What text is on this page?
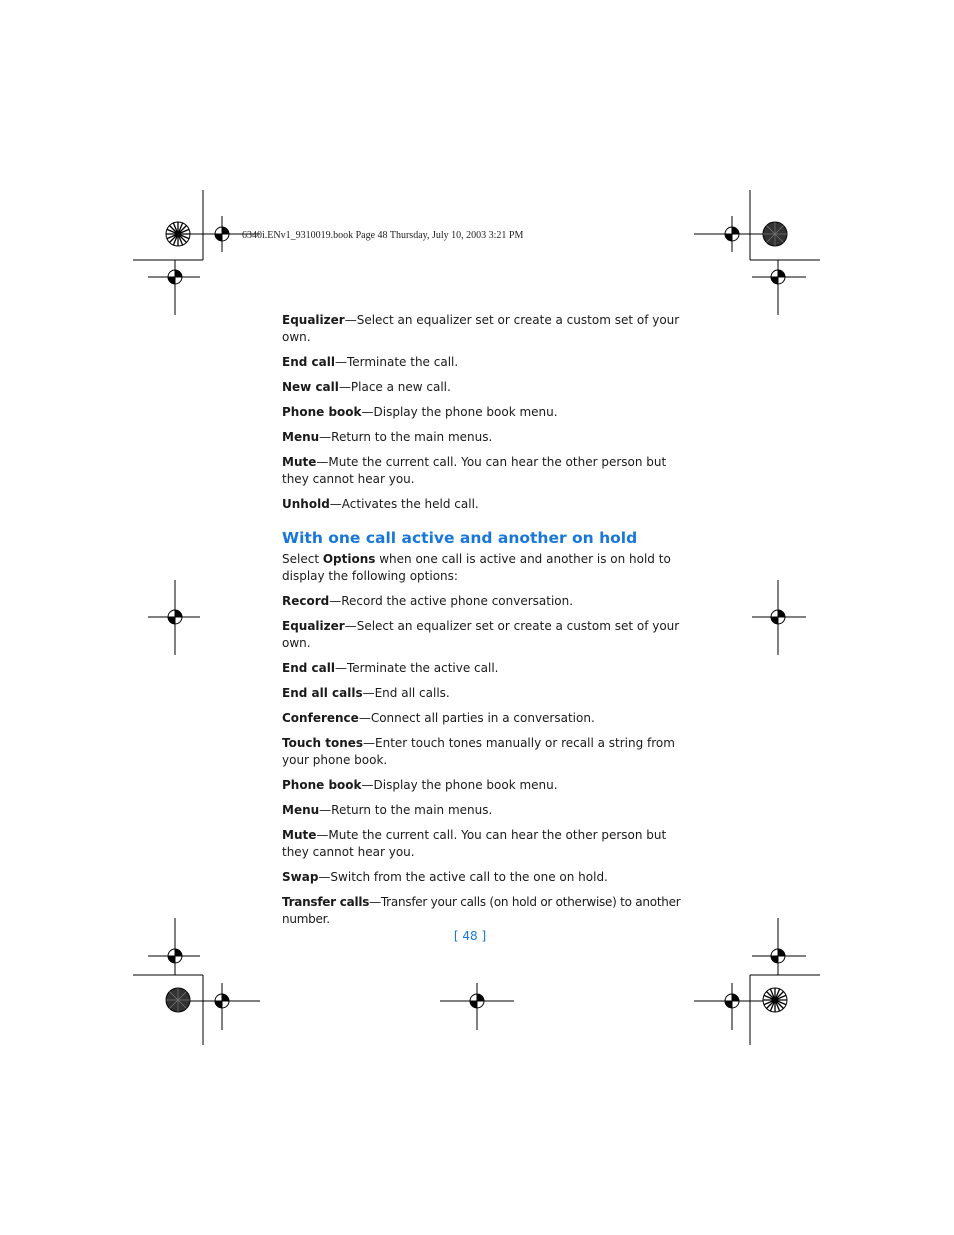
6340i.ENv1_9310019.book Page 48 Thursday, July 10, 2003 3:21 PM

Equalizer—Select an equalizer set or create a custom set of your own.

End call—Terminate the call.

New call—Place a new call.

Phone book—Display the phone book menu.

Menu—Return to the main menus.

Mute—Mute the current call. You can hear the other person but they cannot hear you.

Unhold—Activates the held call.

With one call active and another on hold

Select Options when one call is active and another is on hold to display the following options:

Record—Record the active phone conversation.

Equalizer—Select an equalizer set or create a custom set of your own.

End call—Terminate the active call.

End all calls—End all calls.

Conference—Connect all parties in a conversation.

Touch tones—Enter touch tones manually or recall a string from your phone book.

Phone book—Display the phone book menu.

Menu—Return to the main menus.

Mute—Mute the current call. You can hear the other person but they cannot hear you.

Swap—Switch from the active call to the one on hold.

Transfer calls—Transfer your calls (on hold or otherwise) to another number.

[ 48 ]
